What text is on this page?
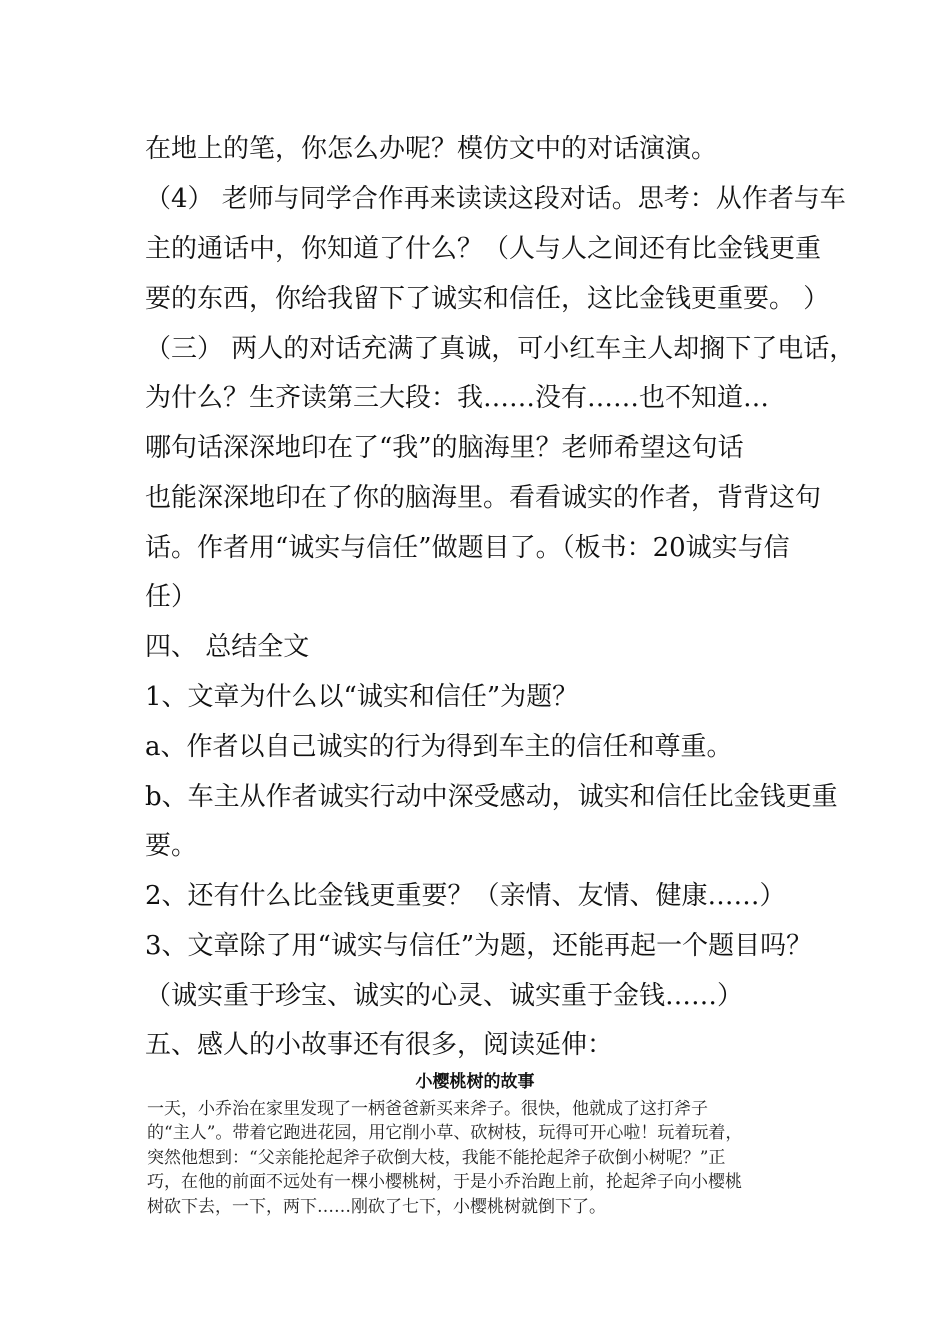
在地上的笔，你怎么办呢？模仿文中的对话演演。
（4） 老师与同学合作再来读读这段对话。思考：从作者与车
主的通话中，你知道了什么？（人与人之间还有比金钱更重
要的东西，你给我留下了诚实和信任，这比金钱更重要。 ）
（三） 两人的对话充满了真诚，可小红车主人却搁下了电话，
为什么？生齐读第三大段：我……没有……也不知道…
哪句话深深地印在了“我”的脑海里？老师希望这句话
也能深深地印在了你的脑海里。看看诚实的作者，背背这句
话。作者用“诚实与信任”做题目了。（板书：20诚实与信
任）
四、 总结全文
1、文章为什么以“诚实和信任”为题？
a、作者以自己诚实的行为得到车主的信任和尊重。
b、车主从作者诚实行动中深受感动，诚实和信任比金钱更重
要。
2、还有什么比金钱更重要？（亲情、友情、健康……）
3、文章除了用“诚实与信任”为题，还能再起一个题目吗？
（诚实重于珍宝、诚实的心灵、诚实重于金钱……）
五、感人的小故事还有很多，阅读延伸：
小樱桃树的故事
一天，小乔治在家里发现了一柄爸爸新买来斧子。很快，他就成了这打斧子
的“主人”。带着它跑进花园，用它削小草、砍树枝，玩得可开心啦！玩着玩着，
突然他想到：“父亲能抡起斧子砍倒大枝，我能不能抡起斧子砍倒小树呢？”正
巧，在他的前面不远处有一棵小樱桃树，于是小乔治跑上前，抡起斧子向小樱桃
树砍下去，一下，两下……刚砍了七下，小樱桃树就倒下了。
